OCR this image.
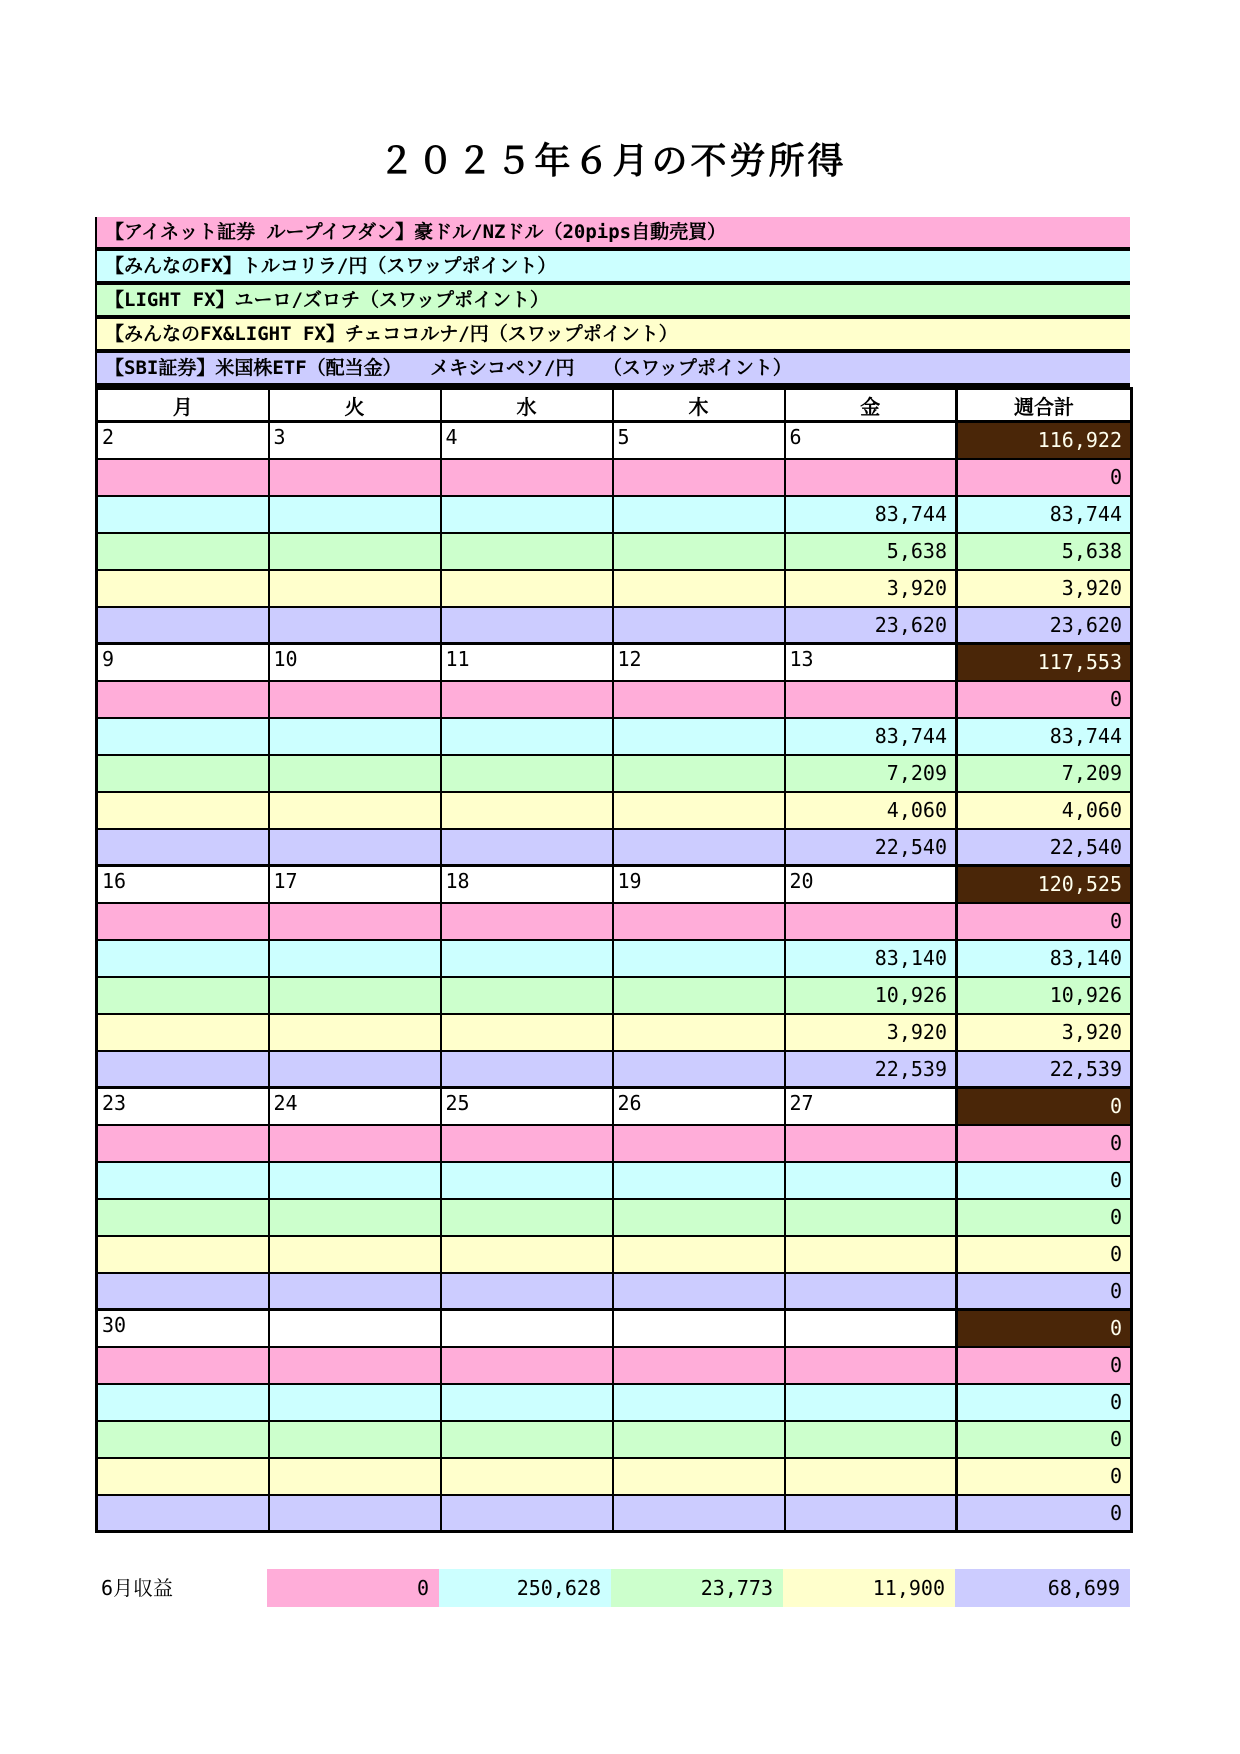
２０２５年６月の不労所得
【アイネット証券 ループイフダン】豪ドル/NZドル（20pips自動売買）
【みんなのFX】トルコリラ/円（スワップポイント）
【LIGHT FX】ユーロ/ズロチ（スワップポイント）
【みんなのFX&LIGHT FX】チェココルナ/円（スワップポイント）
【SBI証券】米国株ETF（配当金）　　メキシコペソ/円　　（スワップポイント）
月	火	水	木	金	週合計
2	3	4	5	6	116,922
					0
				83,744	83,744
				5,638	5,638
				3,920	3,920
				23,620	23,620
9	10	11	12	13	117,553
					0
				83,744	83,744
				7,209	7,209
				4,060	4,060
				22,540	22,540
16	17	18	19	20	120,525
					0
				83,140	83,140
				10,926	10,926
				3,920	3,920
				22,539	22,539
23	24	25	26	27	0
					0
					0
					0
					0
					0
30					0
					0
					0
					0
					0
					0
6月収益	0	250,628	23,773	11,900	68,699
